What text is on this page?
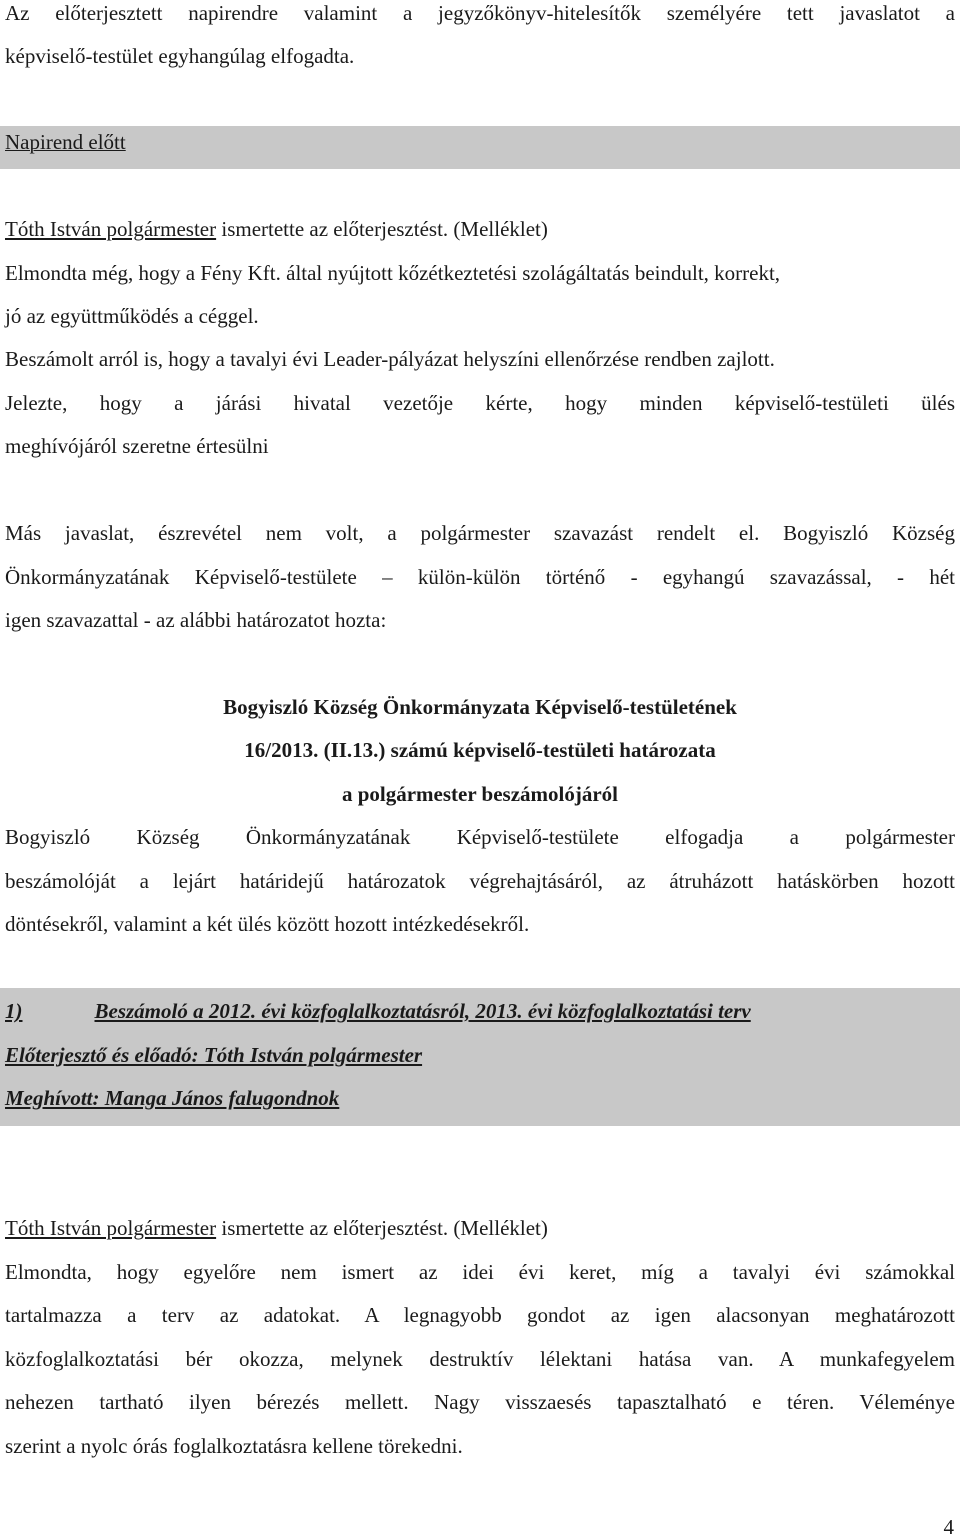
Az előterjesztett napirendre valamint a jegyzőkönyv-hitelesítők személyére tett javaslatot a
képviselő-testület egyhangúlag elfogadta.
Napirend előtt
Tóth István polgármester ismertette az előterjesztést. (Melléklet)
Elmondta még, hogy a Fény Kft. által nyújtott kőzétkeztetési szolágáltatás beindult, korrekt,
jó az együttműködés a céggel.
Beszámolt arról is, hogy a tavalyi évi Leader-pályázat helyszíni ellenőrzése rendben zajlott.
Jelezte, hogy a járási hivatal vezetője kérte, hogy minden képviselő-testületi ülés
meghívójáról szeretne értesülni
Más javaslat, észrevétel nem volt, a polgármester szavazást rendelt el. Bogyiszló Község
Önkormányzatának Képviselő-testülete – külön-külön történő - egyhangú szavazással, - hét
igen szavazattal - az alábbi határozatot hozta:
Bogyiszló Község Önkormányzata Képviselő-testületének
16/2013. (II.13.) számú képviselő-testületi határozata
a polgármester beszámolójáról
Bogyiszló Község Önkormányzatának Képviselő-testülete elfogadja a polgármester
beszámolóját a lejárt határidejű határozatok végrehajtásáról, az átruházott hatáskörben hozott
döntésekről, valamint a két ülés között hozott intézkedésekről.
1)	Beszámoló a 2012. évi közfoglalkoztatásról, 2013. évi közfoglalkoztatási terv
Előterjesztő és előadó: Tóth István polgármester
Meghívott: Manga János falugondnok
Tóth István polgármester ismertette az előterjesztést. (Melléklet)
Elmondta, hogy egyelőre nem ismert az idei évi keret, míg a tavalyi évi számokkal
tartalmazza a terv az adatokat. A legnagyobb gondot az igen alacsonyan meghatározott
közfoglalkoztatási bér okozza, melynek destruktív lélektani hatása van. A munkafegyelem
nehezen tartható ilyen bérezés mellett. Nagy visszaesés tapasztalható e téren. Véleménye
szerint a nyolc órás foglalkoztatásra kellene törekedni.
4
